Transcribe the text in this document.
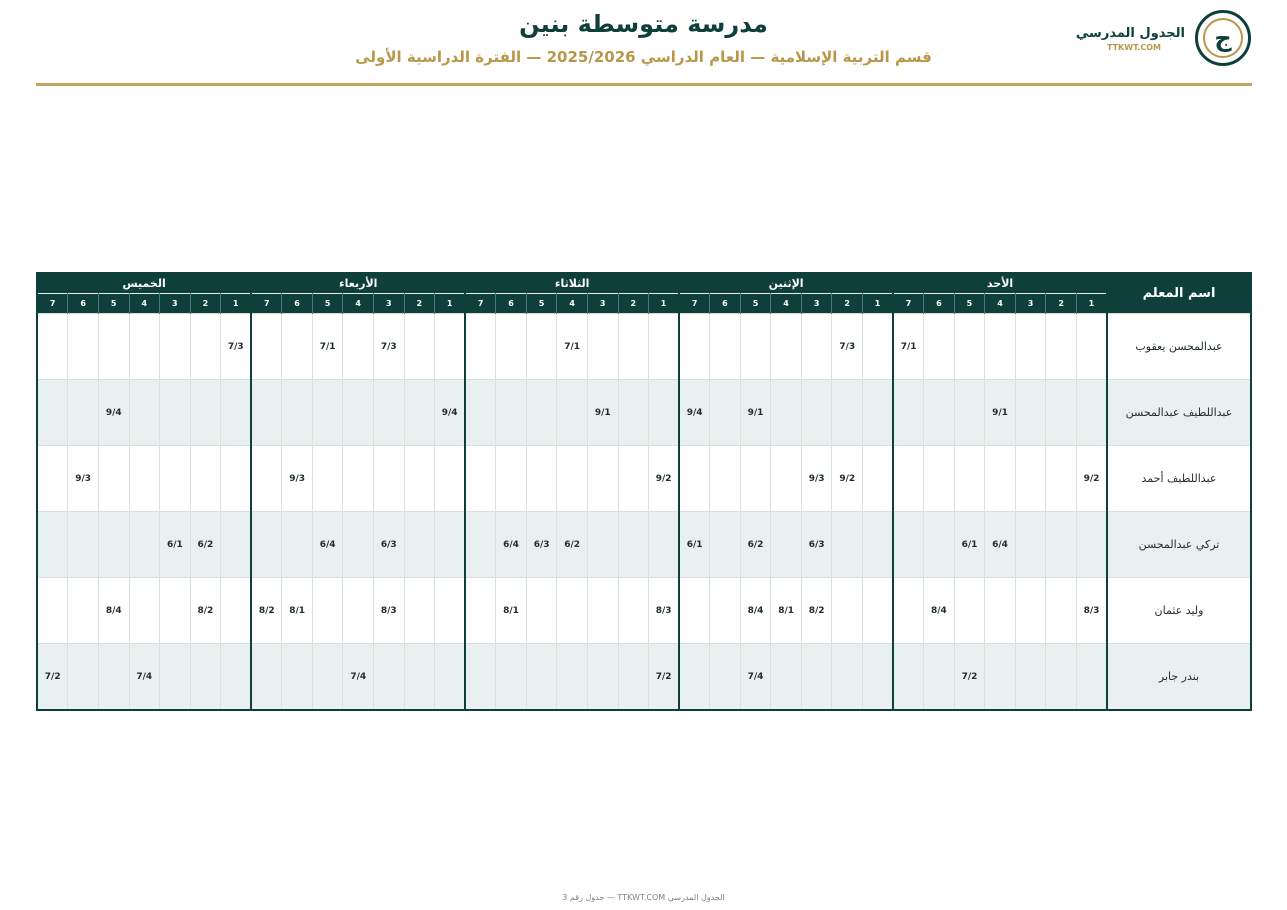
مدرسة متوسطة بنين
قسم التربية الإسلامية — العام الدراسي 2025/2026 — الفترة الدراسية الأولى
ج
الجدول المدرسي
TTKWT.COM
اسم المعلم	الأحد							الإثنين							الثلاثاء							الأربعاء							الخميس						
	1	2	3	4	5	6	7	1	2	3	4	5	6	7	1	2	3	4	5	6	7	1	2	3	4	5	6	7	1	2	3	4	5	6	7
عبدالمحسن يعقوب							7/1		7/3									7/1						7/3		7/1			7/3						
عبداللطيف عبدالمحسن				9/1								9/1		9/4			9/1					9/4											9/4		
عبداللطيف أحمد	9/2								9/2	9/3					9/2												9/3							9/3	
تركي عبدالمحسن				6/4	6/1					6/3		6/2		6/1				6/2	6/3	6/4				6/3		6/4				6/2	6/1				
وليد عثمان	8/3					8/4				8/2	8/1	8/4			8/3					8/1				8/3			8/1	8/2		8/2			8/4		
بندر جابر					7/2							7/4			7/2										7/4							7/4			7/2
الجدول المدرسي TTKWT.COM — جدول رقم 3
